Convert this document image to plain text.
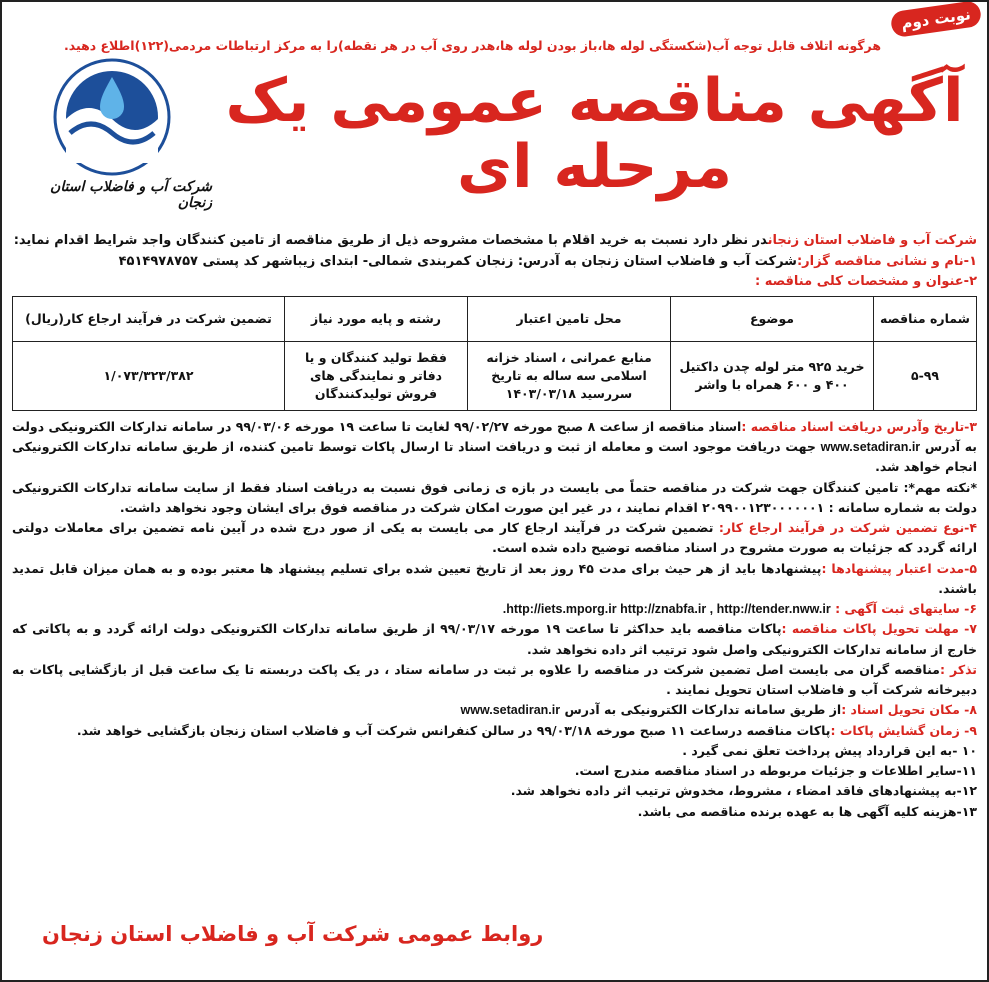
نوبت دوم
هرگونه اتلاف قابل توجه آب(شکستگی لوله ها،باز بودن لوله ها،هدر روی آب در هر نقطه)را به مرکز ارتباطات مردمی(۱۲۲)اطلاع دهید.
آگهی مناقصه عمومی یک مرحله ای
شرکت آب و فاضلاب استان زنجان
شرکت آب و فاضلاب استان زنجاندر نظر دارد نسبت به خرید اقلام با مشخصات مشروحه ذیل از طریق مناقصه از تامین کنندگان واجد شرایط اقدام نماید:
۱-نام و نشانی مناقصه گزار:شرکت آب و فاضلاب استان زنجان به آدرس: زنجان کمربندی شمالی- ابتدای زیباشهر کد پستی ۴۵۱۴۹۷۸۷۵۷
۲-عنوان و مشخصات کلی مناقصه :
شماره مناقصه	موضوع	محل تامین اعتبار	رشته و پایه مورد نیاز	تضمین شرکت در فرآیند ارجاع کار(ریال)
۵-۹۹	خرید ۹۲۵ متر لوله چدن داکتیل ۴۰۰ و ۶۰۰ همراه با واشر	منابع عمرانی ، اسناد خزانه اسلامی سه ساله به تاریخ سررسید ۱۴۰۳/۰۳/۱۸	فقط تولید کنندگان و یا دفاتر و نمایندگی های فروش تولیدکنندگان	۱/۰۷۳/۳۲۳/۳۸۲

۳-تاریخ وآدرس دریافت اسناد مناقصه :اسناد مناقصه از ساعت ۸ صبح مورخه ۹۹/۰۲/۲۷ لغایت تا ساعت ۱۹ مورخه ۹۹/۰۳/۰۶ در سامانه تدارکات الکترونیکی دولت به آدرس www.setadiran.ir جهت دریافت موجود است و معامله از ثبت و دریافت اسناد تا ارسال پاکات توسط تامین کننده، از طریق سامانه تدارکات الکترونیکی انجام خواهد شد.

*نکته مهم*: تامین کنندگان جهت شرکت در مناقصه حتماً می بایست در بازه ی زمانی فوق نسبت به دریافت اسناد فقط از سایت سامانه تدارکات الکترونیکی دولت به شماره سامانه : ۲۰۹۹۰۰۱۲۳۰۰۰۰۰۰۱ اقدام نمایند ، در غیر این صورت امکان شرکت در مناقصه فوق برای ایشان وجود نخواهد داشت.

۴-نوع تضمین شرکت در فرآیند ارجاع کار: تضمین شرکت در فرآیند ارجاع کار می بایست به یکی از صور درج شده در آیین نامه تضمین برای معاملات دولتی ارائه گردد که جزئیات به صورت مشروح در اسناد مناقصه توضیح داده شده است.

۵-مدت اعتبار پیشنهادها :پیشنهادها باید از هر حیث برای مدت ۴۵ روز بعد از تاریخ تعیین شده برای تسلیم پیشنهاد ها معتبر بوده و به همان میزان قابل تمدید باشند.

۶- سایتهای ثبت آگهی : http://iets.mporg.ir http://znabfa.ir , http://tender.nww.ir.

۷- مهلت تحویل پاکات مناقصه :پاکات مناقصه باید حداکثر تا ساعت ۱۹ مورخه ۹۹/۰۳/۱۷ از طریق سامانه تدارکات الکترونیکی دولت ارائه گردد و به پاکاتی که خارج از سامانه تدارکات الکترونیکی واصل شود ترتیب اثر داده نخواهد شد.

تذکر :مناقصه گران می بایست اصل تضمین شرکت در مناقصه را علاوه بر ثبت در سامانه ستاد ، در یک پاکت دربسته تا یک ساعت قبل از بازگشایی پاکات به دبیرخانه شرکت آب و فاضلاب استان تحویل نمایند .

۸- مکان تحویل اسناد :از طریق سامانه تدارکات الکترونیکی به آدرس www.setadiran.ir

۹- زمان گشایش پاکات :پاکات مناقصه درساعت ۱۱ صبح مورخه ۹۹/۰۳/۱۸ در سالن کنفرانس شرکت آب و فاضلاب استان زنجان بازگشایی خواهد شد.

۱۰ -به این قرارداد پیش پرداخت تعلق نمی گیرد .

۱۱-سایر اطلاعات و جزئیات مربوطه در اسناد مناقصه مندرج است.

۱۲-به پیشنهادهای فاقد امضاء ، مشروط، مخدوش ترتیب اثر داده نخواهد شد.

۱۳-هزینه کلیه آگهی ها به عهده برنده مناقصه می باشد.

روابط عمومی شرکت آب و فاضلاب استان زنجان
